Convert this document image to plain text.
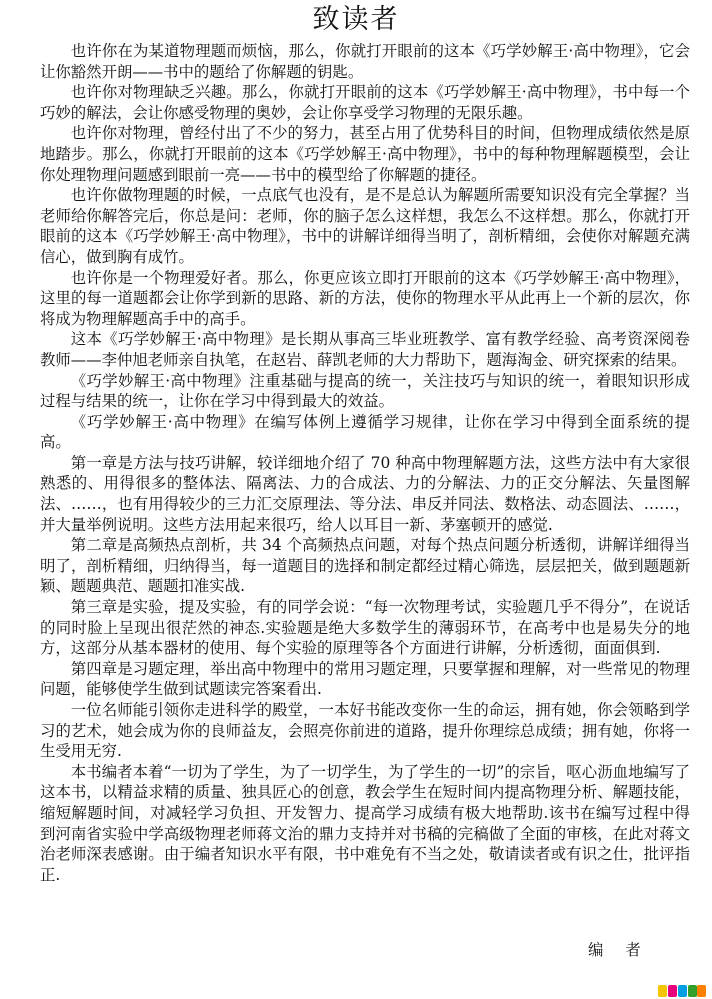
致读者

也许你在为某道物理题而烦恼，那么，你就打开眼前的这本《巧学妙解王·高中物理》，它会让你豁然开朗——书中的题给了你解题的钥匙。

也许你对物理缺乏兴趣。那么，你就打开眼前的这本《巧学妙解王·高中物理》，书中每一个巧妙的解法，会让你感受物理的奥妙，会让你享受学习物理的无限乐趣。

也许你对物理，曾经付出了不少的努力，甚至占用了优势科目的时间，但物理成绩依然是原地踏步。那么，你就打开眼前的这本《巧学妙解王·高中物理》，书中的每种物理解题模型，会让你处理物理问题感到眼前一亮——书中的模型给了你解题的捷径。

也许你做物理题的时候，一点底气也没有，是不是总认为解题所需要知识没有完全掌握？当老师给你解答完后，你总是问：老师，你的脑子怎么这样想，我怎么不这样想。那么，你就打开眼前的这本《巧学妙解王·高中物理》，书中的讲解详细得当明了，剖析精细，会使你对解题充满信心，做到胸有成竹。

也许你是一个物理爱好者。那么，你更应该立即打开眼前的这本《巧学妙解王·高中物理》，这里的每一道题都会让你学到新的思路、新的方法，使你的物理水平从此再上一个新的层次，你将成为物理解题高手中的高手。

这本《巧学妙解王·高中物理》是长期从事高三毕业班教学、富有教学经验、高考资深阅卷教师——李仲旭老师亲自执笔，在赵岩、薛凯老师的大力帮助下，题海淘金、研究探索的结果。

《巧学妙解王·高中物理》注重基础与提高的统一，关注技巧与知识的统一，着眼知识形成过程与结果的统一，让你在学习中得到最大的效益。

《巧学妙解王·高中物理》在编写体例上遵循学习规律，让你在学习中得到全面系统的提高。

第一章是方法与技巧讲解，较详细地介绍了 70 种高中物理解题方法，这些方法中有大家很熟悉的、用得很多的整体法、隔离法、力的合成法、力的分解法、力的正交分解法、矢量图解法、……，也有用得较少的三力汇交原理法、等分法、串反并同法、数格法、动态圆法、……，并大量举例说明。这些方法用起来很巧，给人以耳目一新、茅塞顿开的感觉.

第二章是高频热点剖析，共 34 个高频热点问题，对每个热点问题分析透彻，讲解详细得当明了，剖析精细，归纳得当，每一道题目的选择和制定都经过精心筛选，层层把关，做到题题新颖、题题典范、题题扣准实战.

第三章是实验，提及实验，有的同学会说：“每一次物理考试，实验题几乎不得分”，在说话的同时脸上呈现出很茫然的神态.实验题是绝大多数学生的薄弱环节，在高考中也是易失分的地方，这部分从基本器材的使用、每个实验的原理等各个方面进行讲解，分析透彻，面面俱到.

第四章是习题定理，举出高中物理中的常用习题定理，只要掌握和理解，对一些常见的物理问题，能够使学生做到试题读完答案看出.

一位名师能引领你走进科学的殿堂，一本好书能改变你一生的命运，拥有她，你会领略到学习的艺术，她会成为你的良师益友，会照亮你前进的道路，提升你理综总成绩；拥有她，你将一生受用无穷.

本书编者本着“一切为了学生，为了一切学生，为了学生的一切”的宗旨，呕心沥血地编写了这本书，以精益求精的质量、独具匠心的创意，教会学生在短时间内提高物理分析、解题技能，缩短解题时间，对减轻学习负担、开发智力、提高学习成绩有极大地帮助.该书在编写过程中得到河南省实验中学高级物理老师蒋文治的鼎力支持并对书稿的完稿做了全面的审核，在此对蒋文治老师深表感谢。由于编者知识水平有限，书中难免有不当之处，敬请读者或有识之仕，批评指正.

编者
